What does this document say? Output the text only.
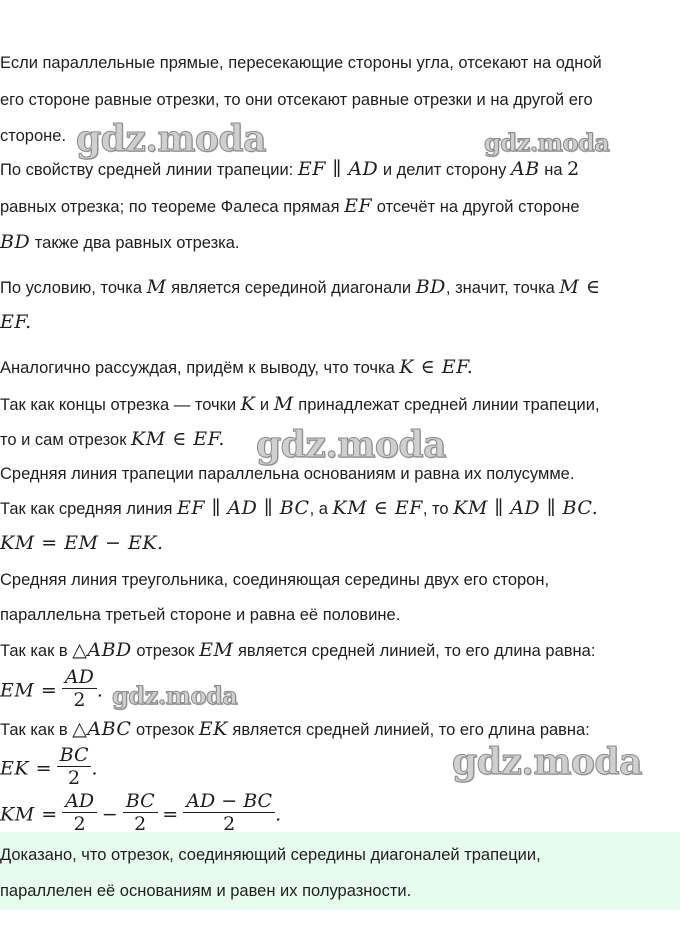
Если параллельные прямые, пересекающие стороны угла, отсекают на одной
его стороне равные отрезки, то они отсекают равные отрезки и на другой его
стороне.
По свойству средней линии трапеции: EF ∥ AD и делит сторону AB на 2
равных отрезка; по теореме Фалеса прямая EF отсечёт на другой стороне
BD также два равных отрезка.
По условию, точка M является серединой диагонали BD, значит, точка M ∈
EF.
Аналогично рассуждая, придём к выводу, что точка K ∈ EF.
Так как концы отрезка — точки K и M принадлежат средней линии трапеции,
то и сам отрезок KM ∈ EF.
Средняя линия трапеции параллельна основаниям и равна их полусумме.
Так как средняя линия EF ∥ AD ∥ BC, а KM ∈ EF, то KM ∥ AD ∥ BC.
KM = EM − EK.
Средняя линия треугольника, соединяющая середины двух его сторон,
параллельна третьей стороне и равна её половине.
Так как в △ABD отрезок EM является средней линией, то его длина равна:
EM = $\frac{AD}{2}$ .
Так как в △ABC отрезок EK является средней линией, то его длина равна:
EK = $\frac{BC}{2}$ .
KM = $\frac{AD}{2} - \frac{BC}{2} = \frac{AD - BC}{2}$ .
Доказано, что отрезок, соединяющий середины диагоналей трапеции,
параллелен её основаниям и равен их полуразности.
gdz.moda	gdz.moda
gdz.moda
gdz.moda
gdz.moda
